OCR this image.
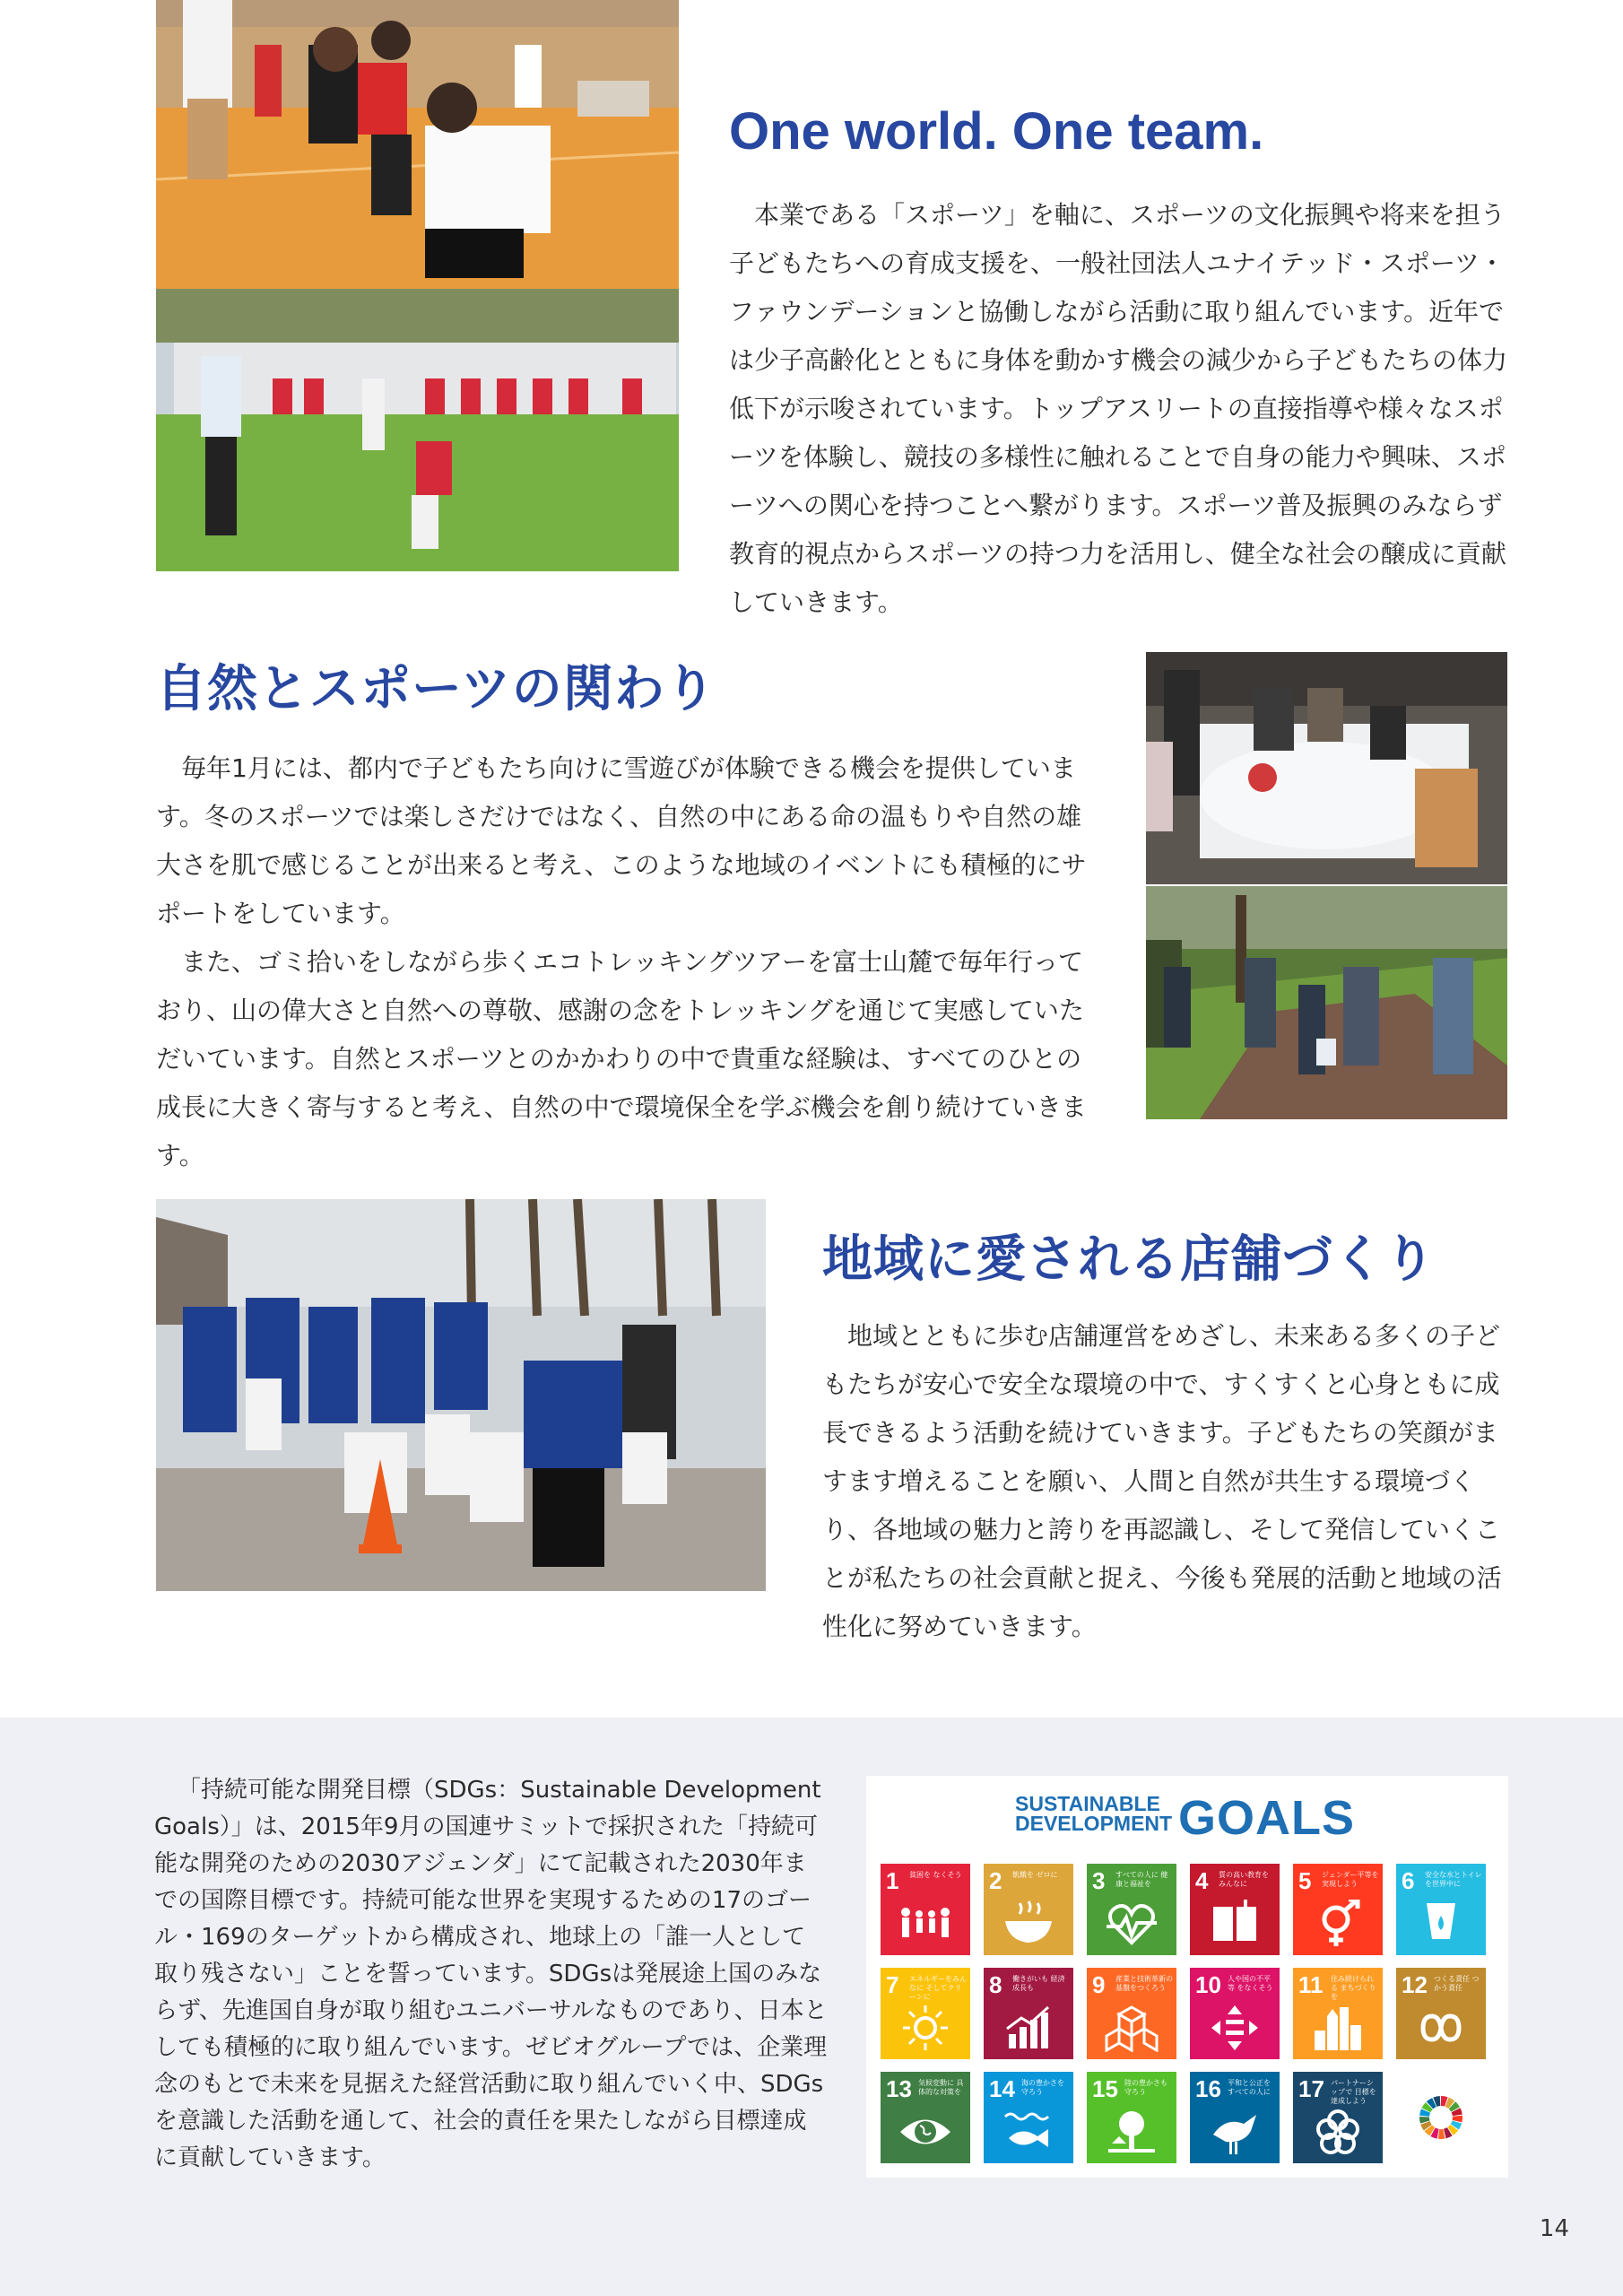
One world. One team.

本業である「スポーツ」を軸に、スポーツの文化振興や将来を担う子どもたちへの育成支援を、一般社団法人ユナイテッド・スポーツ・ファウンデーションと協働しながら活動に取り組んでいます。近年では少子高齢化とともに身体を動かす機会の減少から子どもたちの体力低下が示唆されています。トップアスリートの直接指導や様々なスポーツを体験し、競技の多様性に触れることで自身の能力や興味、スポーツへの関心を持つことへ繋がります。スポーツ普及振興のみならず教育的視点からスポーツの持つ力を活用し、健全な社会の醸成に貢献していきます。

自然とスポーツの関わり

毎年1月には、都内で子どもたち向けに雪遊びが体験できる機会を提供しています。冬のスポーツでは楽しさだけではなく、自然の中にある命の温もりや自然の雄大さを肌で感じることが出来ると考え、このような地域のイベントにも積極的にサポートをしています。

また、ゴミ拾いをしながら歩くエコトレッキングツアーを富士山麓で毎年行っており、山の偉大さと自然への尊敬、感謝の念をトレッキングを通じて実感していただいています。自然とスポーツとのかかわりの中で貴重な経験は、すべてのひとの成長に大きく寄与すると考え、自然の中で環境保全を学ぶ機会を創り続けていきます。

地域に愛される店舗づくり

地域とともに歩む店舗運営をめざし、未来ある多くの子どもたちが安心で安全な環境の中で、すくすくと心身ともに成長できるよう活動を続けていきます。子どもたちの笑顔がますます増えることを願い、人間と自然が共生する環境づくり、各地域の魅力と誇りを再認識し、そして発信していくことが私たちの社会貢献と捉え、今後も発展的活動と地域の活性化に努めていきます。

「持続可能な開発目標（SDGs：Sustainable Development Goals）」は、2015年9月の国連サミットで採択された「持続可能な開発のための2030アジェンダ」にて記載された2030年までの国際目標です。持続可能な世界を実現するための17のゴール・169のターゲットから構成され、地球上の「誰一人として取り残さない」ことを誓っています。SDGsは発展途上国のみならず、先進国自身が取り組むユニバーサルなものであり、日本としても積極的に取り組んでいます。ゼビオグループでは、企業理念のもとで未来を見据えた経営活動に取り組んでいく中、SDGsを意識した活動を通して、社会的責任を果たしながら目標達成に貢献していきます。

SUSTAINABLE
DEVELOPMENT GOALS
1 貧困を なくそう 2 飢餓を ゼロに	3 すべての人に 健康と福祉を	4 質の高い教育を みんなに	5 ジェンダー平等を 実現しよう	6 安全な水とトイレ を世界中に
7 エネルギーをみんなに そしてクリーンに	8 働きがいも 経済成長も	9 産業と技術革新の 基盤をつくろう	10 人や国の不平等 をなくそう 11 住み続けられる まちづくりを	12 つくる責任 つかう責任
13 気候変動に 具体的な対策を 14 海の豊かさを 守ろう	15 陸の豊かさも 守ろう	16 平和と公正を すべての人に 17 パートナーシップで 目標を達成しよう
14
